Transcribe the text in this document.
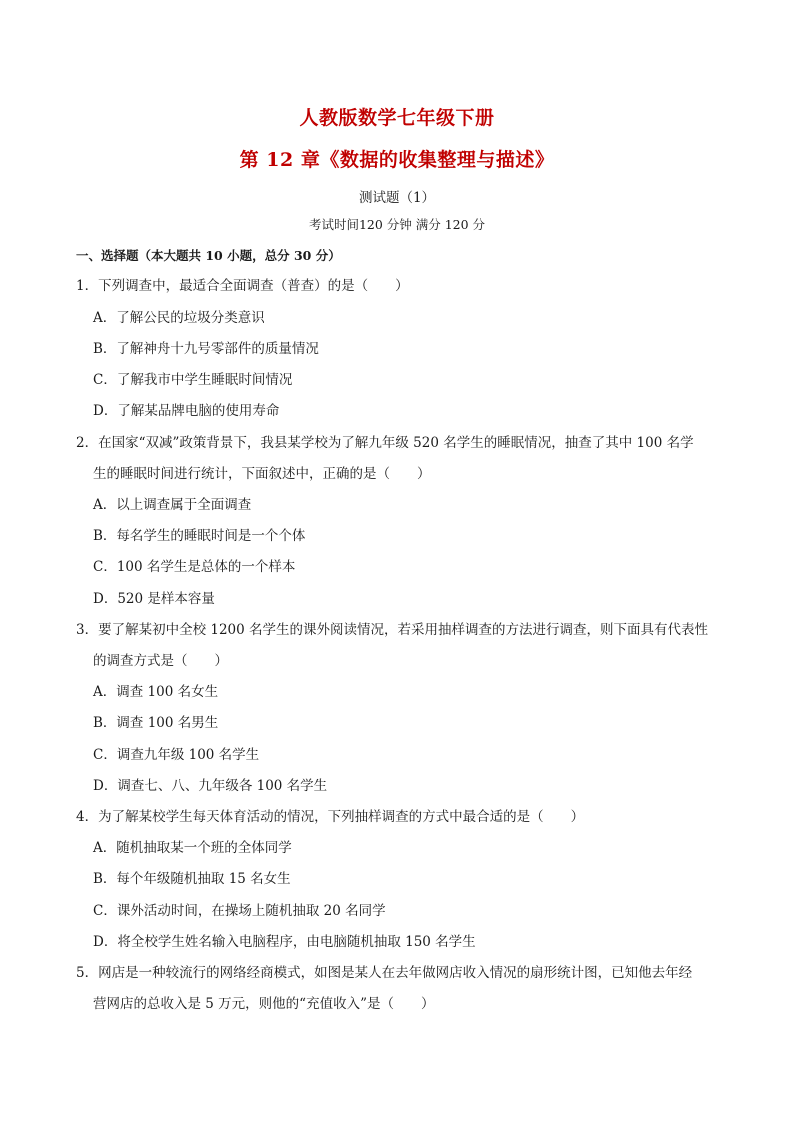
人教版数学七年级下册
第 12 章《数据的收集整理与描述》
测试题（1）
考试时间120 分钟 满分 120 分
一、选择题（本大题共 10 小题，总分 30 分）
1．下列调查中，最适合全面调查（普查）的是（　　）
A．了解公民的垃圾分类意识
B．了解神舟十九号零部件的质量情况
C．了解我市中学生睡眠时间情况
D．了解某品牌电脑的使用寿命
2．在国家“双减”政策背景下，我县某学校为了解九年级 520 名学生的睡眠情况，抽查了其中 100 名学
生的睡眠时间进行统计，下面叙述中，正确的是（　　）
A．以上调查属于全面调查
B．每名学生的睡眠时间是一个个体
C．100 名学生是总体的一个样本
D．520 是样本容量
3．要了解某初中全校 1200 名学生的课外阅读情况，若采用抽样调查的方法进行调查，则下面具有代表性
的调查方式是（　　）
A．调查 100 名女生
B．调查 100 名男生
C．调查九年级 100 名学生
D．调查七、八、九年级各 100 名学生
4．为了解某校学生每天体育活动的情况，下列抽样调查的方式中最合适的是（　　）
A．随机抽取某一个班的全体同学
B．每个年级随机抽取 15 名女生
C．课外活动时间，在操场上随机抽取 20 名同学
D．将全校学生姓名输入电脑程序，由电脑随机抽取 150 名学生
5．网店是一种较流行的网络经商模式，如图是某人在去年做网店收入情况的扇形统计图，已知他去年经
营网店的总收入是 5 万元，则他的“充值收入”是（　　）
